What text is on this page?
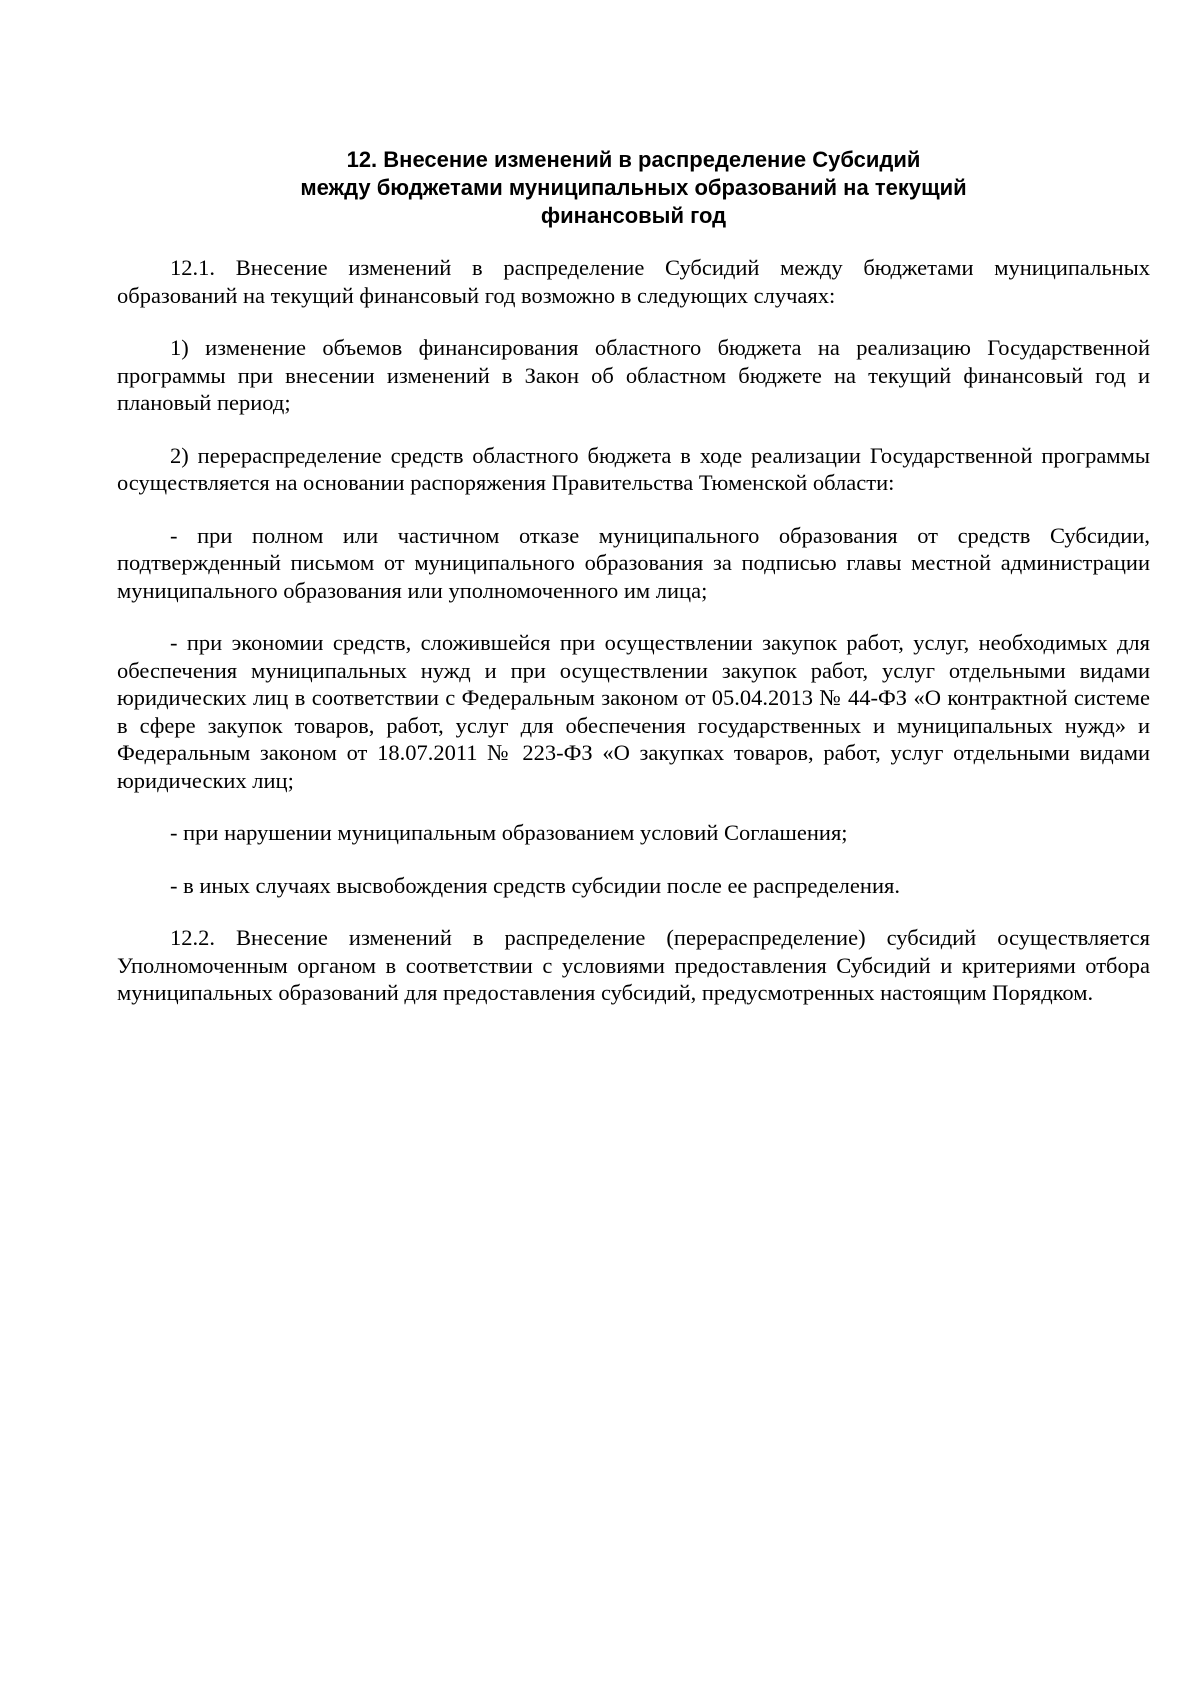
12. Внесение изменений в распределение Субсидий
между бюджетами муниципальных образований на текущий
финансовый год

12.1. Внесение изменений в распределение Субсидий между бюджетами муниципальных образований на текущий финансовый год возможно в следующих случаях:

1) изменение объемов финансирования областного бюджета на реализацию Государственной программы при внесении изменений в Закон об областном бюджете на текущий финансовый год и плановый период;

2) перераспределение средств областного бюджета в ходе реализации Государственной программы осуществляется на основании распоряжения Правительства Тюменской области:

- при полном или частичном отказе муниципального образования от средств Субсидии, подтвержденный письмом от муниципального образования за подписью главы местной администрации муниципального образования или уполномоченного им лица;

- при экономии средств, сложившейся при осуществлении закупок работ, услуг, необходимых для обеспечения муниципальных нужд и при осуществлении закупок работ, услуг отдельными видами юридических лиц в соответствии с Федеральным законом от 05.04.2013 № 44-ФЗ «О контрактной системе в сфере закупок товаров, работ, услуг для обеспечения государственных и муниципальных нужд» и Федеральным законом от 18.07.2011 № 223-ФЗ «О закупках товаров, работ, услуг отдельными видами юридических лиц;

- при нарушении муниципальным образованием условий Соглашения;

- в иных случаях высвобождения средств субсидии после ее распределения.

12.2. Внесение изменений в распределение (перераспределение) субсидий осуществляется Уполномоченным органом в соответствии с условиями предоставления Субсидий и критериями отбора муниципальных образований для предоставления субсидий, предусмотренных настоящим Порядком.
